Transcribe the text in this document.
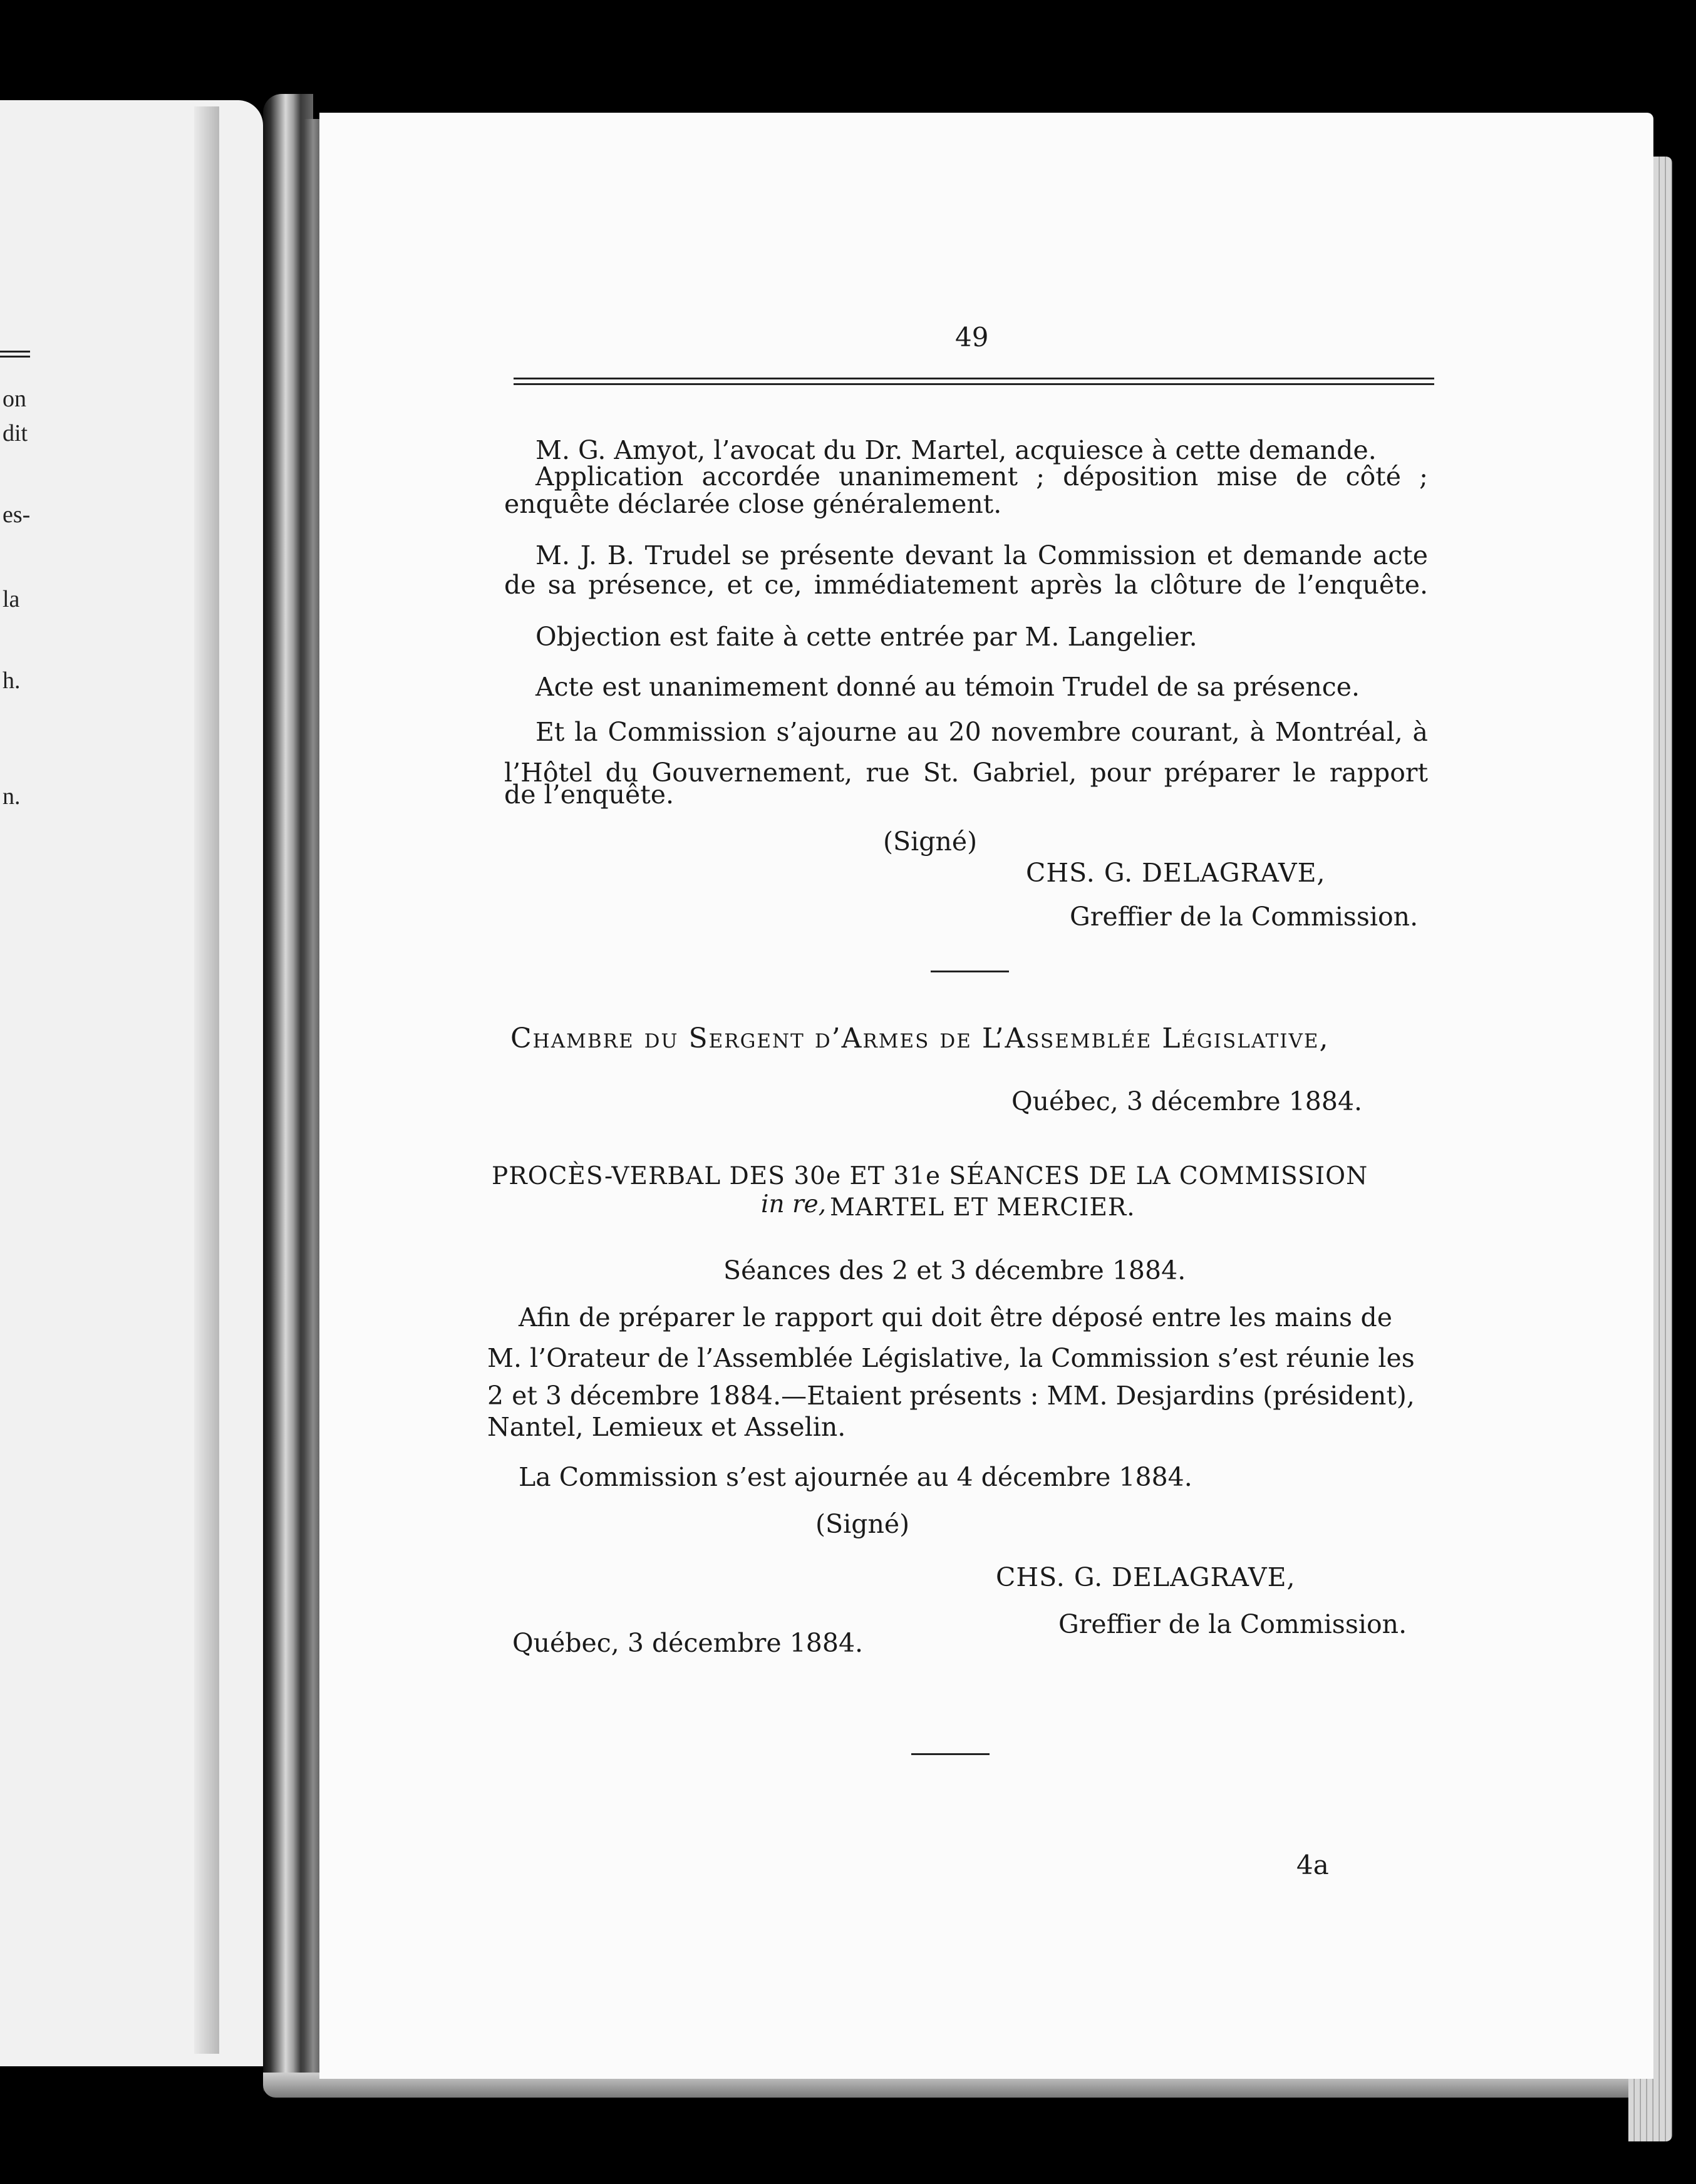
on
dit
es-
la
h.
n.
49
M. G. Amyot, l’avocat du Dr. Martel, acquiesce à cette demande.
Application accordée unanimement ; déposition mise de côté ;
enquête déclarée close généralement.
M. J. B. Trudel se présente devant la Commission et demande acte
de sa présence, et ce, immédiatement après la clôture de l’enquête.
Objection est faite à cette entrée par M. Langelier.
Acte est unanimement donné au témoin Trudel de sa présence.
Et la Commission s’ajourne au 20 novembre courant, à Montréal, à
l’Hôtel du Gouvernement, rue St. Gabriel, pour préparer le rapport
de l’enquête.
(Signé)
CHS. G. DELAGRAVE,
Greffier de la Commission.
Chambre du Sergent d’Armes de L’Assemblée Législative,
Québec, 3 décembre 1884.
PROCÈS-VERBAL DES 30e ET 31e SÉANCES DE LA COMMISSION
in re, MARTEL ET MERCIER.
Séances des 2 et 3 décembre 1884.
Afin de préparer le rapport qui doit être déposé entre les mains de
M. l’Orateur de l’Assemblée Législative, la Commission s’est réunie les
2 et 3 décembre 1884.—Etaient présents : MM. Desjardins (président),
Nantel, Lemieux et Asselin.
La Commission s’est ajournée au 4 décembre 1884.
(Signé)
CHS. G. DELAGRAVE,
Greffier de la Commission.
Québec, 3 décembre 1884.
4a
